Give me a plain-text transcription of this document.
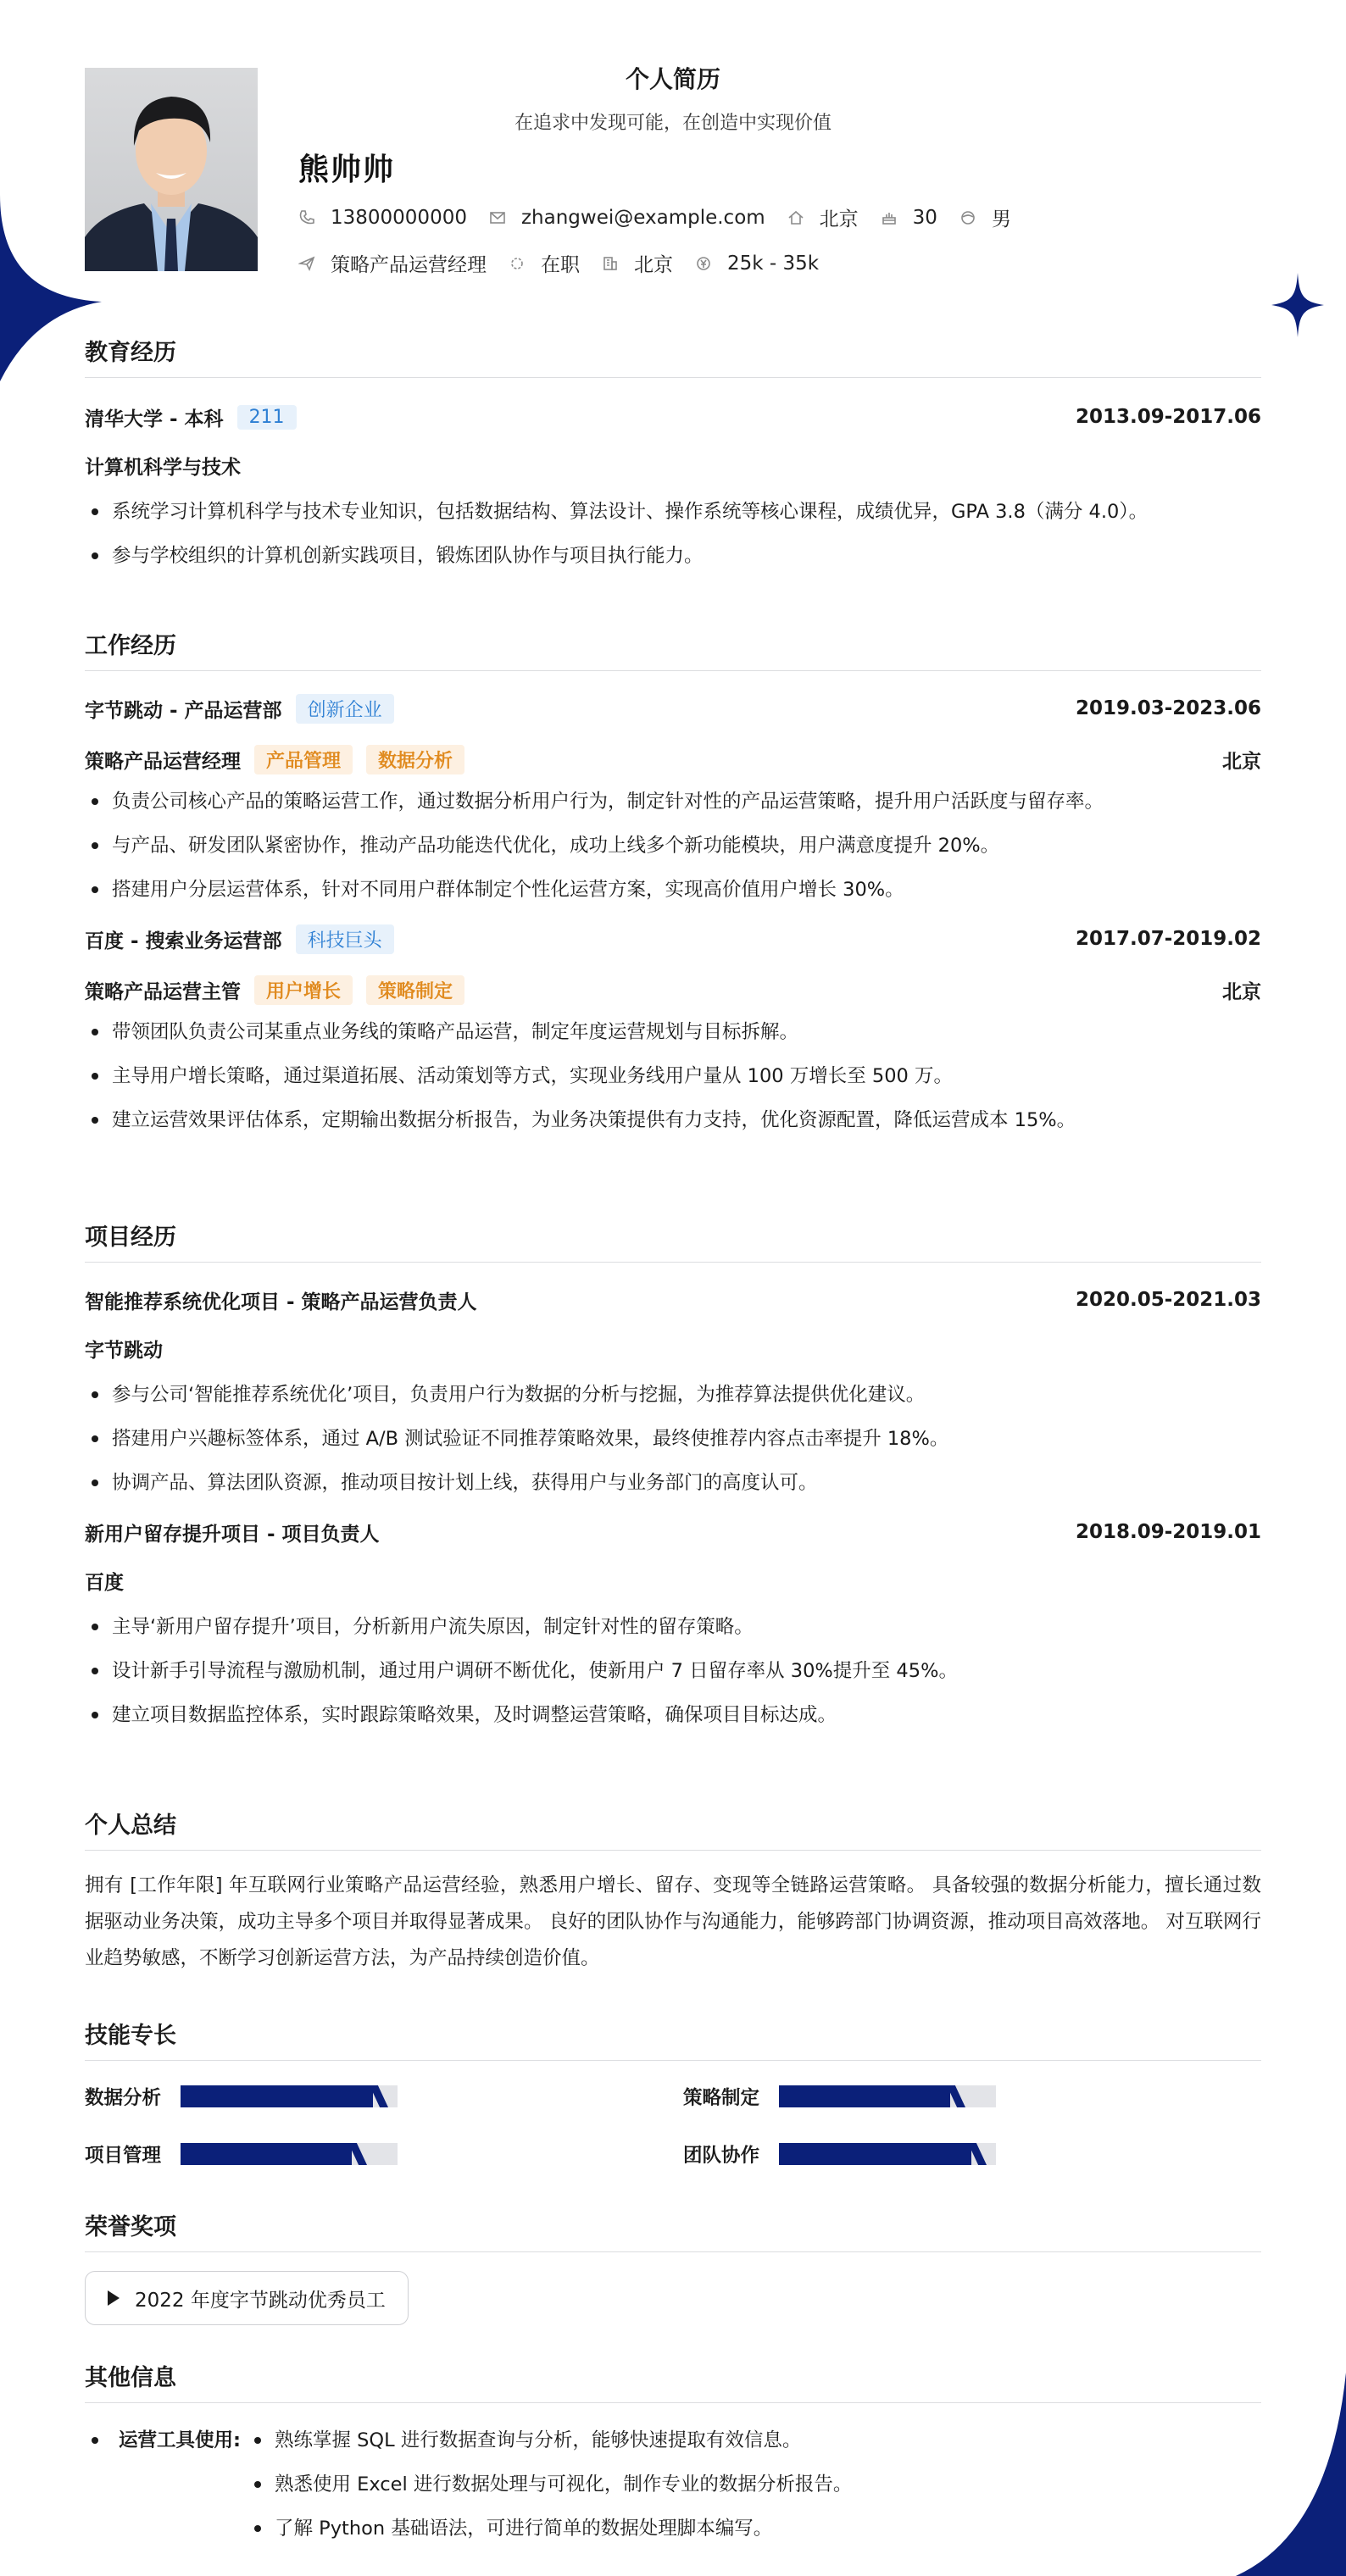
个人简历
在追求中发现可能，在创造中实现价值
熊帅帅
13800000000	zhangwei@example.com	北京	30	男
策略产品运营经理	在职	北京	25k - 35k
教育经历
清华大学 - 本科	211	2013.09-2017.06
计算机科学与技术
系统学习计算机科学与技术专业知识，包括数据结构、算法设计、操作系统等核心课程，成绩优异，GPA 3.8（满分 4.0）。
参与学校组织的计算机创新实践项目，锻炼团队协作与项目执行能力。
工作经历
字节跳动 - 产品运营部	创新企业	2019.03-2023.06
策略产品运营经理	产品管理	数据分析	北京
负责公司核心产品的策略运营工作，通过数据分析用户行为，制定针对性的产品运营策略，提升用户活跃度与留存率。
与产品、研发团队紧密协作，推动产品功能迭代优化，成功上线多个新功能模块，用户满意度提升 20%。
搭建用户分层运营体系，针对不同用户群体制定个性化运营方案，实现高价值用户增长 30%。
百度 - 搜索业务运营部	科技巨头	2017.07-2019.02
策略产品运营主管	用户增长	策略制定	北京
带领团队负责公司某重点业务线的策略产品运营，制定年度运营规划与目标拆解。
主导用户增长策略，通过渠道拓展、活动策划等方式，实现业务线用户量从 100 万增长至 500 万。
建立运营效果评估体系，定期输出数据分析报告，为业务决策提供有力支持，优化资源配置，降低运营成本 15%。
项目经历
智能推荐系统优化项目 - 策略产品运营负责人	2020.05-2021.03
字节跳动
参与公司‘智能推荐系统优化’项目，负责用户行为数据的分析与挖掘，为推荐算法提供优化建议。
搭建用户兴趣标签体系，通过 A/B 测试验证不同推荐策略效果，最终使推荐内容点击率提升 18%。
协调产品、算法团队资源，推动项目按计划上线，获得用户与业务部门的高度认可。
新用户留存提升项目 - 项目负责人	2018.09-2019.01
百度
主导‘新用户留存提升’项目，分析新用户流失原因，制定针对性的留存策略。
设计新手引导流程与激励机制，通过用户调研不断优化，使新用户 7 日留存率从 30%提升至 45%。
建立项目数据监控体系，实时跟踪策略效果，及时调整运营策略，确保项目目标达成。
个人总结
拥有 [工作年限] 年互联网行业策略产品运营经验，熟悉用户增长、留存、变现等全链路运营策略。 具备较强的数据分析能力，擅长通过数据驱动业务决策，成功主导多个项目并取得显著成果。 良好的团队协作与沟通能力，能够跨部门协调资源，推动项目高效落地。 对互联网行业趋势敏感，不断学习创新运营方法，为产品持续创造价值。
技能专长
数据分析	策略制定
项目管理	团队协作
荣誉奖项
2022 年度字节跳动优秀员工
其他信息
运营工具使用:	熟练掌握 SQL 进行数据查询与分析，能够快速提取有效信息。
熟悉使用 Excel 进行数据处理与可视化，制作专业的数据分析报告。
了解 Python 基础语法，可进行简单的数据处理脚本编写。
